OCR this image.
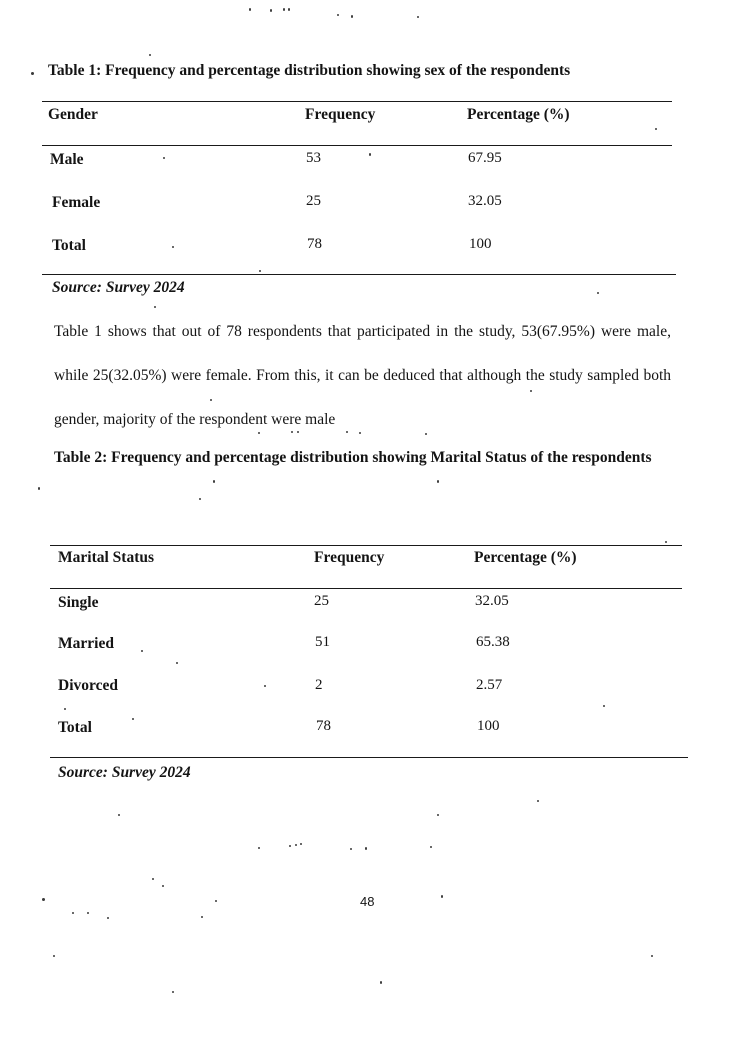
Table 1: Frequency and percentage distribution showing sex of the respondents
Gender	Frequency	Percentage (%)
Male	53	67.95
Female	25	32.05
Total	78	100
Source: Survey 2024
Table 1 shows that out of 78 respondents that participated in the study, 53(67.95%) were male, while 25(32.05%) were female. From this, it can be deduced that although the study sampled both gender, majority of the respondent were male
Table 2: Frequency and percentage distribution showing Marital Status of the respondents
Marital Status	Frequency	Percentage (%)
Single	25	32.05
Married	51	65.38
Divorced	2	2.57
Total	78	100
Source: Survey 2024
48
